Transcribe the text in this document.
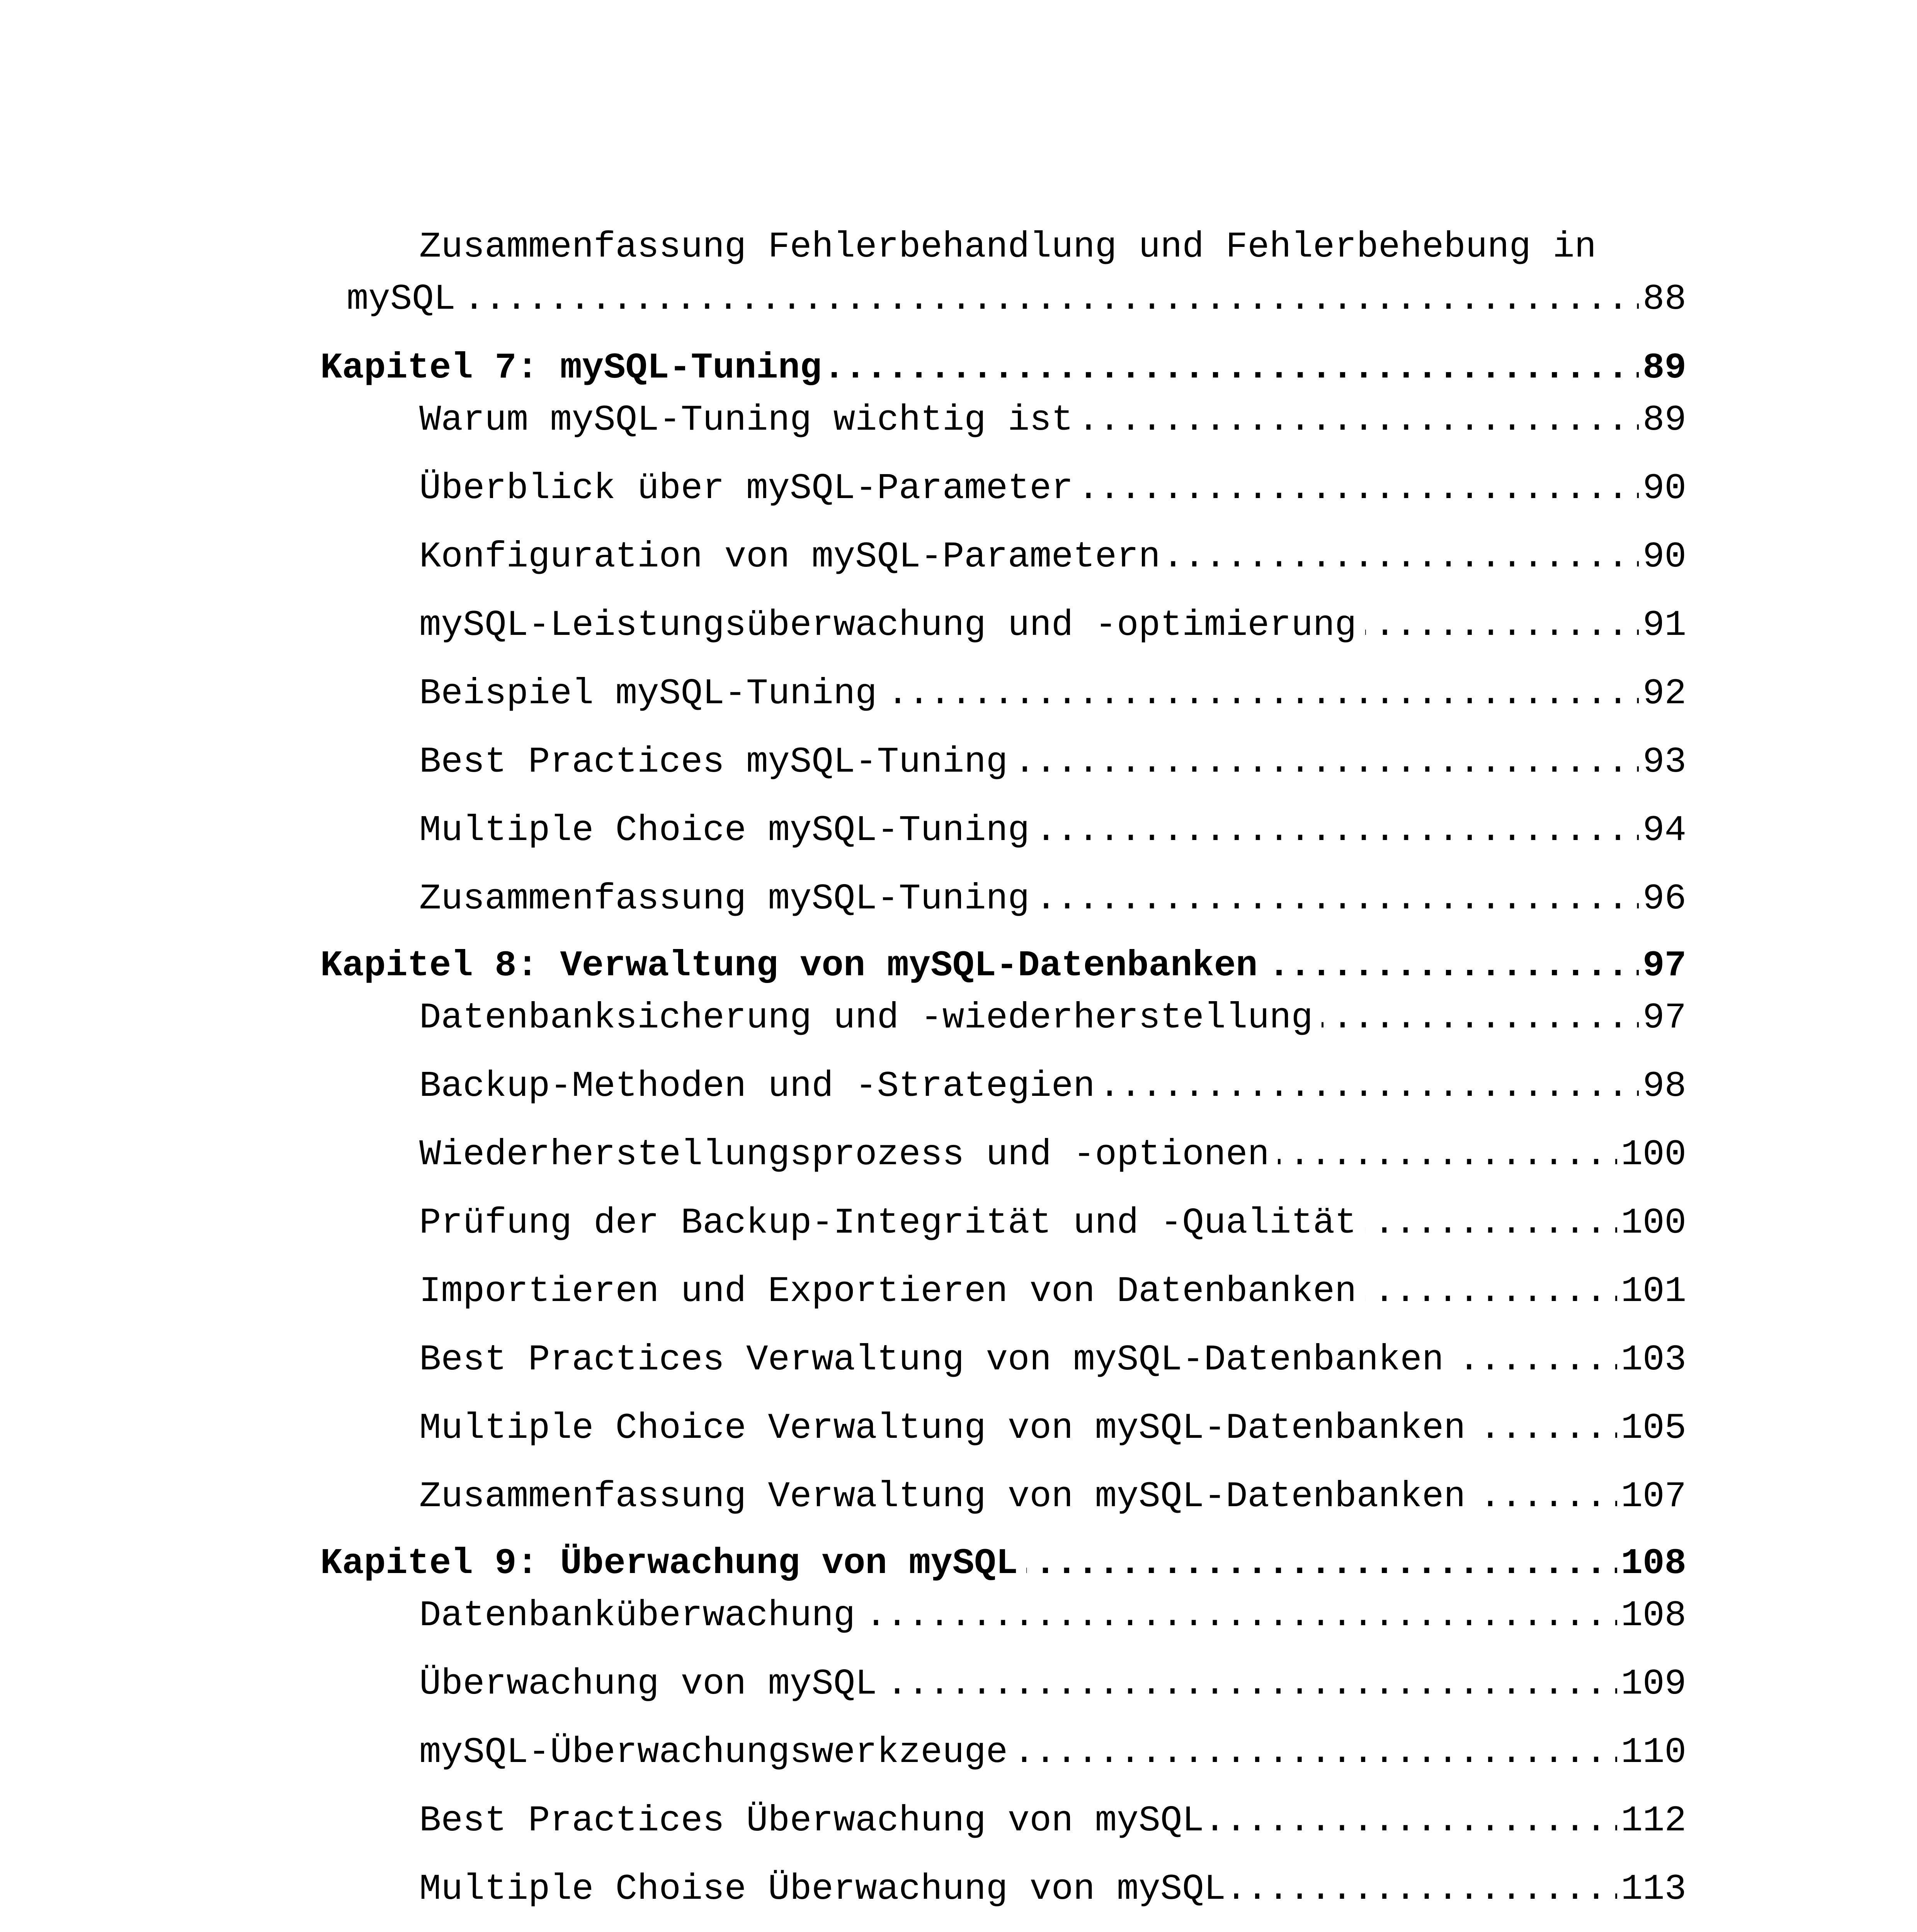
Zusammenfassung Fehlerbehandlung und Fehlerbehebung in
mySQL . . .	88
Kapitel 7: mySQL-Tuning . . .	89
Warum mySQL-Tuning wichtig ist . . .	89
Überblick über mySQL-Parameter . . .	90
Konfiguration von mySQL-Parametern . . .	90
mySQL-Leistungsüberwachung und -optimierung . . .	91
Beispiel mySQL-Tuning . . .	92
Best Practices mySQL-Tuning . . .	93
Multiple Choice mySQL-Tuning . . .	94
Zusammenfassung mySQL-Tuning . . .	96
Kapitel 8: Verwaltung von mySQL-Datenbanken . . .	97
Datenbanksicherung und -wiederherstellung . . .	97
Backup-Methoden und -Strategien . . .	98
Wiederherstellungsprozess und -optionen . . .	100
Prüfung der Backup-Integrität und -Qualität . . .	100
Importieren und Exportieren von Datenbanken . . .	101
Best Practices Verwaltung von mySQL-Datenbanken . . .	103
Multiple Choice Verwaltung von mySQL-Datenbanken . . .	105
Zusammenfassung Verwaltung von mySQL-Datenbanken . . .	107
Kapitel 9: Überwachung von mySQL . . .	108
Datenbanküberwachung . . .	108
Überwachung von mySQL . . .	109
mySQL-Überwachungswerkzeuge . . .	110
Best Practices Überwachung von mySQL . . .	112
Multiple Choise Überwachung von mySQL . . .	113
